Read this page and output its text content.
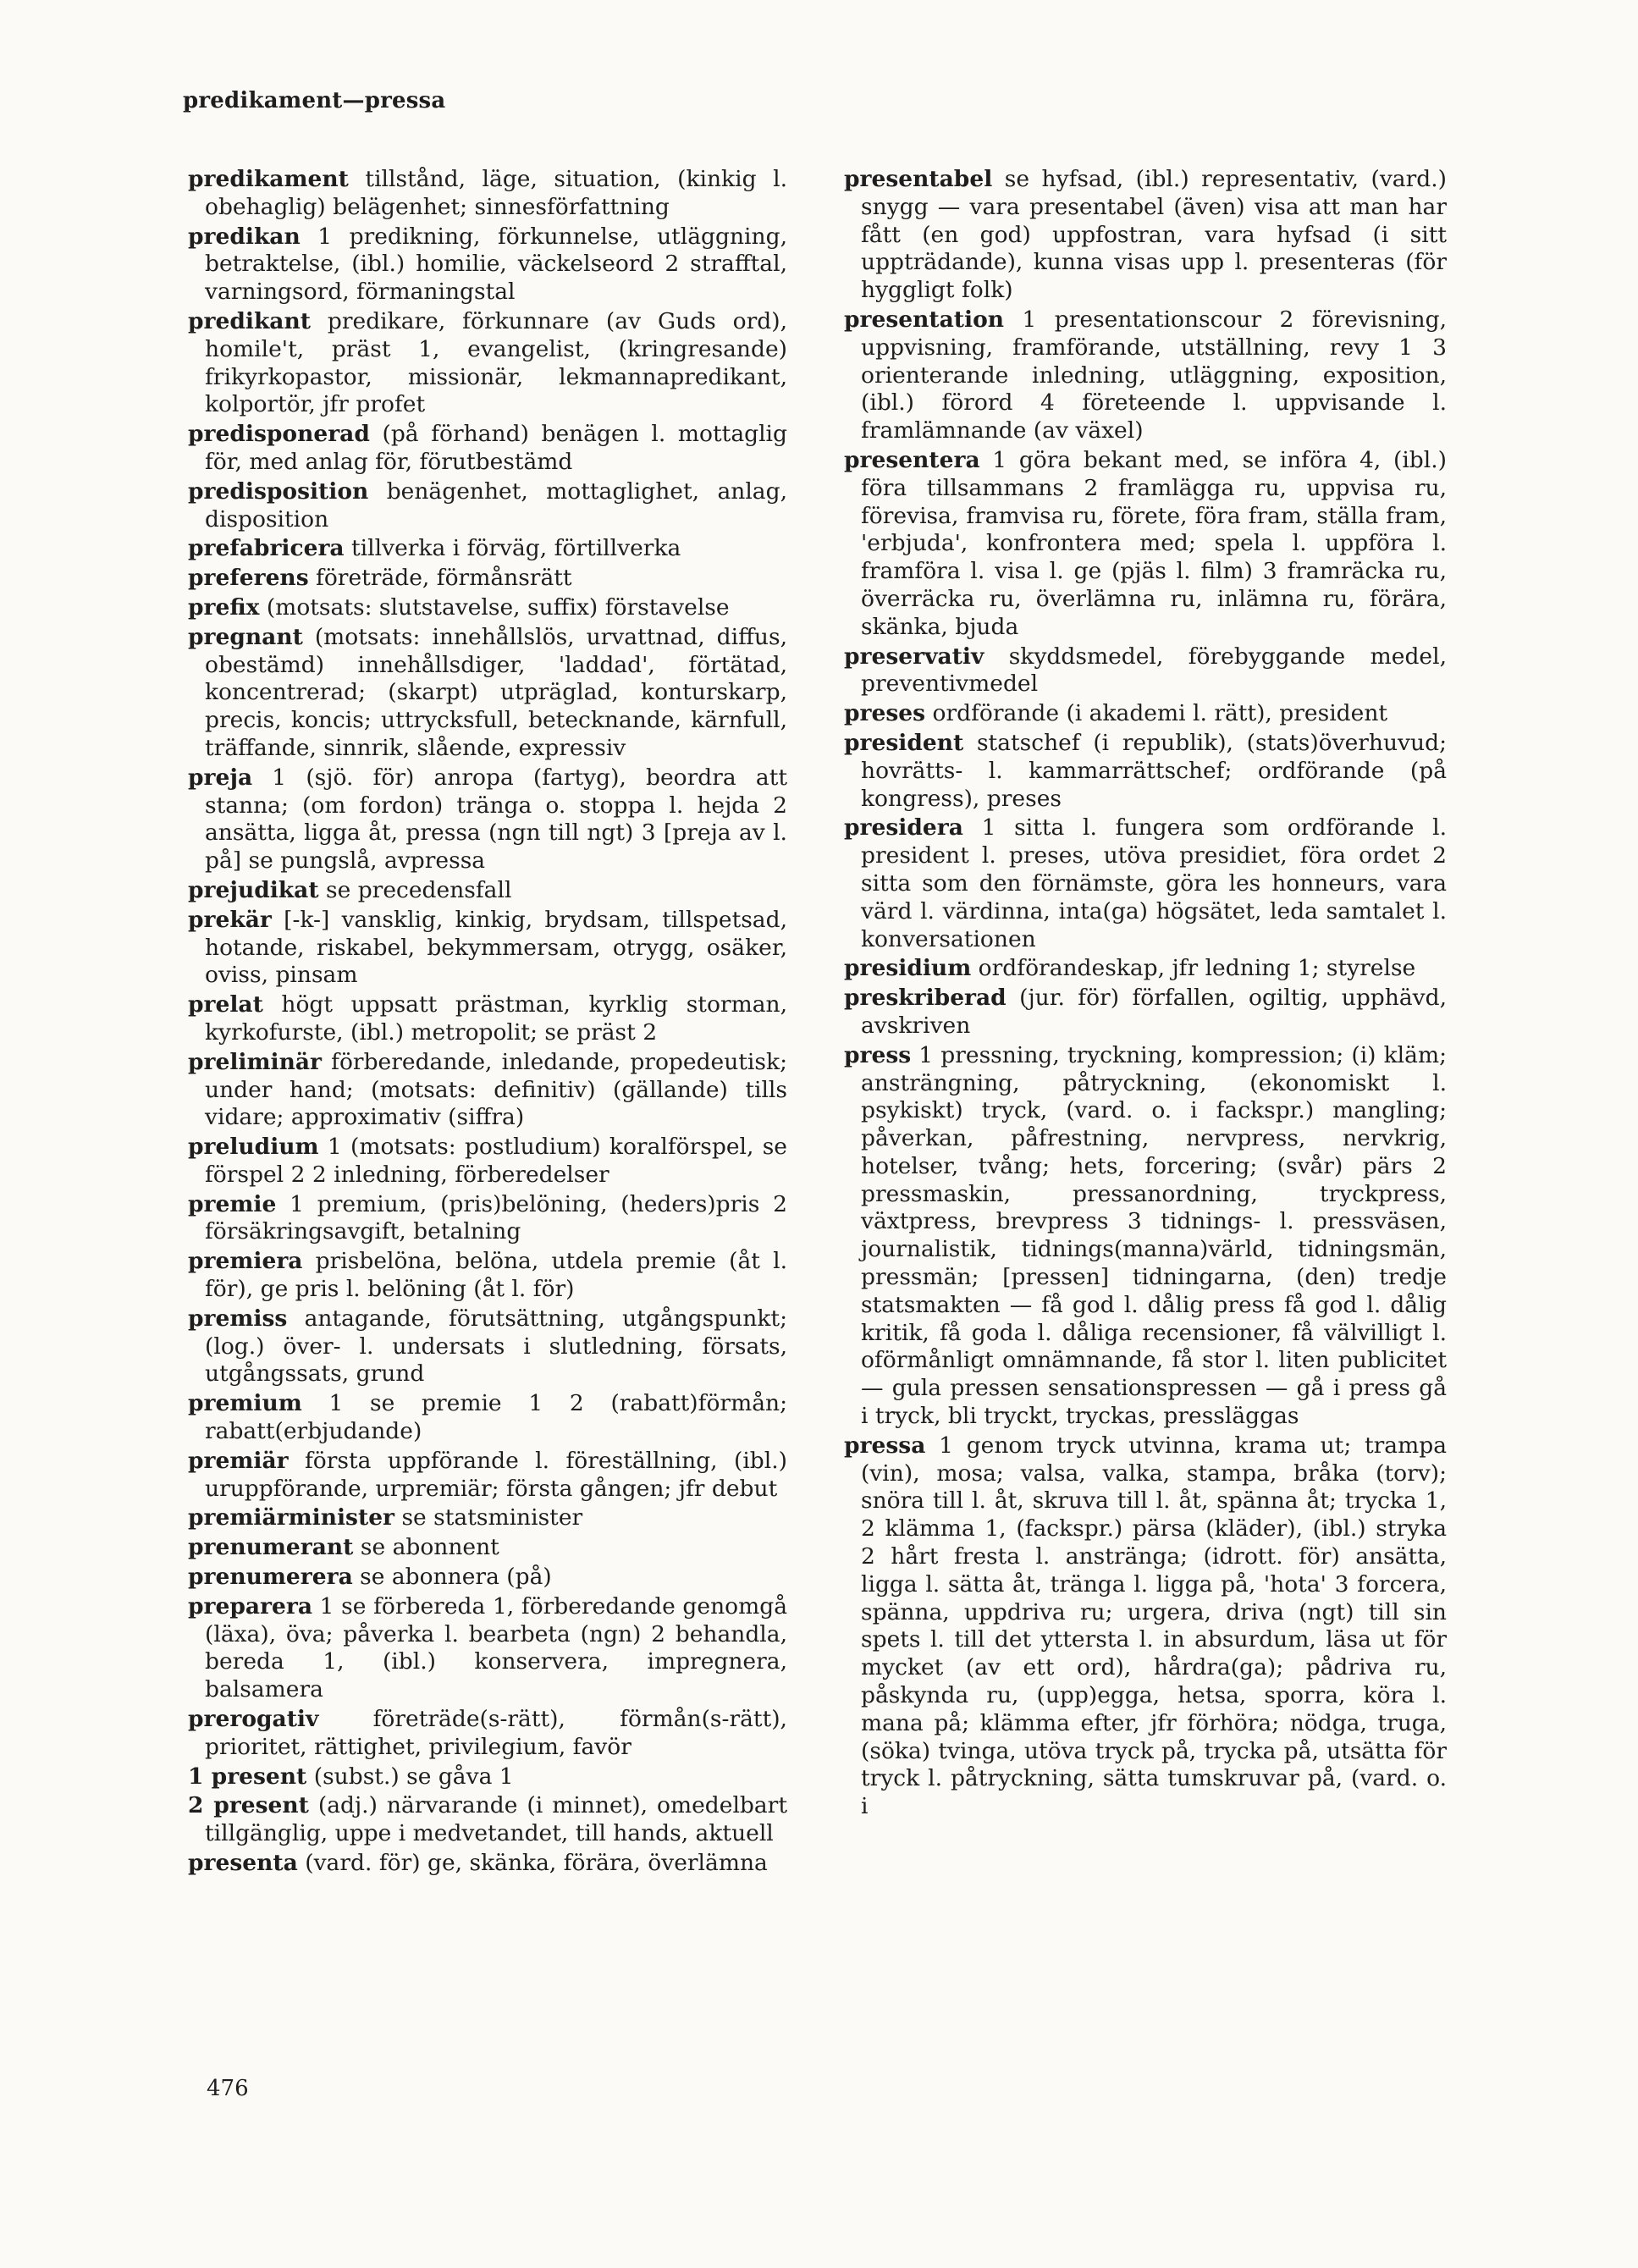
predikament—pressa
predikament tillstånd, läge, situation, (kinkig l. obehaglig) belägenhet; sinnesförfattning
predikan 1 predikning, förkunnelse, utläggning, betraktelse, (ibl.) homilie, väckelseord 2 strafftal, varningsord, förmaningstal
predikant predikare, förkunnare (av Guds ord), homile't, präst 1, evangelist, (kringresande) frikyrkopastor, missionär, lekmannapredikant, kolportör, jfr profet
predisponerad (på förhand) benägen l. mottaglig för, med anlag för, förutbestämd
predisposition benägenhet, mottaglighet, anlag, disposition
prefabricera tillverka i förväg, förtillverka
preferens företräde, förmånsrätt
prefix (motsats: slutstavelse, suffix) förstavelse
pregnant (motsats: innehållslös, urvattnad, diffus, obestämd) innehållsdiger, 'laddad', förtätad, koncentrerad; (skarpt) utpräglad, konturskarp, precis, koncis; uttrycksfull, betecknande, kärnfull, träffande, sinnrik, slående, expressiv
preja 1 (sjö. för) anropa (fartyg), beordra att stanna; (om fordon) tränga o. stoppa l. hejda 2 ansätta, ligga åt, pressa (ngn till ngt) 3 [preja av l. på] se pungslå, avpressa
prejudikat se precedensfall
prekär [-k-] vansklig, kinkig, brydsam, tillspetsad, hotande, riskabel, bekymmersam, otrygg, osäker, oviss, pinsam
prelat högt uppsatt prästman, kyrklig storman, kyrkofurste, (ibl.) metropolit; se präst 2
preliminär förberedande, inledande, propedeutisk; under hand; (motsats: definitiv) (gällande) tills vidare; approximativ (siffra)
preludium 1 (motsats: postludium) koralförspel, se förspel 2 2 inledning, förberedelser
premie 1 premium, (pris)belöning, (heders)pris 2 försäkringsavgift, betalning
premiera prisbelöna, belöna, utdela premie (åt l. för), ge pris l. belöning (åt l. för)
premiss antagande, förutsättning, utgångspunkt; (log.) över- l. undersats i slutledning, försats, utgångssats, grund
premium 1 se premie 1 2 (rabatt)förmån; rabatt(erbjudande)
premiär första uppförande l. föreställning, (ibl.) uruppförande, urpremiär; första gången; jfr debut
premiärminister se statsminister
prenumerant se abonnent
prenumerera se abonnera (på)
preparera 1 se förbereda 1, förberedande genomgå (läxa), öva; påverka l. bearbeta (ngn) 2 behandla, bereda 1, (ibl.) konservera, impregnera, balsamera
prerogativ företräde(s-rätt), förmån(s-rätt), prioritet, rättighet, privilegium, favör
1 present (subst.) se gåva 1
2 present (adj.) närvarande (i minnet), omedelbart tillgänglig, uppe i medvetandet, till hands, aktuell
presenta (vard. för) ge, skänka, förära, överlämna
presentabel se hyfsad, (ibl.) representativ, (vard.) snygg — vara presentabel (även) visa att man har fått (en god) uppfostran, vara hyfsad (i sitt uppträdande), kunna visas upp l. presenteras (för hyggligt folk)
presentation 1 presentationscour 2 förevisning, uppvisning, framförande, utställning, revy 1 3 orienterande inledning, utläggning, exposition, (ibl.) förord 4 företeende l. uppvisande l. framlämnande (av växel)
presentera 1 göra bekant med, se införa 4, (ibl.) föra tillsammans 2 framlägga ru, uppvisa ru, förevisa, framvisa ru, förete, föra fram, ställa fram, 'erbjuda', konfrontera med; spela l. uppföra l. framföra l. visa l. ge (pjäs l. film) 3 framräcka ru, överräcka ru, överlämna ru, inlämna ru, förära, skänka, bjuda
preservativ skyddsmedel, förebyggande medel, preventivmedel
preses ordförande (i akademi l. rätt), president
president statschef (i republik), (stats)överhuvud; hovrätts- l. kammarrättschef; ordförande (på kongress), preses
presidera 1 sitta l. fungera som ordförande l. president l. preses, utöva presidiet, föra ordet 2 sitta som den förnämste, göra les honneurs, vara värd l. värdinna, inta(ga) högsätet, leda samtalet l. konversationen
presidium ordförandeskap, jfr ledning 1; styrelse
preskriberad (jur. för) förfallen, ogiltig, upphävd, avskriven
press 1 pressning, tryckning, kompression; (i) kläm; ansträngning, påtryckning, (ekonomiskt l. psykiskt) tryck, (vard. o. i fackspr.) mangling; påverkan, påfrestning, nervpress, nervkrig, hotelser, tvång; hets, forcering; (svår) pärs 2 pressmaskin, pressanordning, tryckpress, växtpress, brevpress 3 tidnings- l. pressväsen, journalistik, tidnings(manna)värld, tidningsmän, pressmän; [pressen] tidningarna, (den) tredje statsmakten — få god l. dålig press få god l. dålig kritik, få goda l. dåliga recensioner, få välvilligt l. oförmånligt omnämnande, få stor l. liten publicitet — gula pressen sensationspressen — gå i press gå i tryck, bli tryckt, tryckas, pressläggas
pressa 1 genom tryck utvinna, krama ut; trampa (vin), mosa; valsa, valka, stampa, bråka (torv); snöra till l. åt, skruva till l. åt, spänna åt; trycka 1, 2 klämma 1, (fackspr.) pärsa (kläder), (ibl.) stryka 2 hårt fresta l. anstränga; (idrott. för) ansätta, ligga l. sätta åt, tränga l. ligga på, 'hota' 3 forcera, spänna, uppdriva ru; urgera, driva (ngt) till sin spets l. till det yttersta l. in absurdum, läsa ut för mycket (av ett ord), hårdra(ga); pådriva ru, påskynda ru, (upp)egga, hetsa, sporra, köra l. mana på; klämma efter, jfr förhöra; nödga, truga, (söka) tvinga, utöva tryck på, trycka på, utsätta för tryck l. påtryckning, sätta tumskruvar på, (vard. o. i
476
